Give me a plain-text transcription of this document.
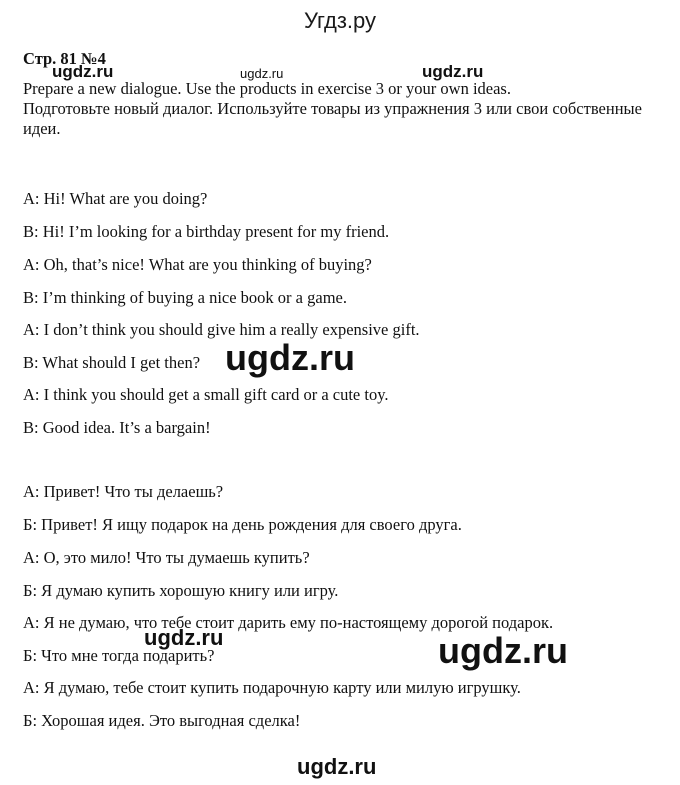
Угдз.ру
Стр. 81 №4
Prepare a new dialogue. Use the products in exercise 3 or your own ideas.
Подготовьте новый диалог. Используйте товары из упражнения 3 или свои собственные идеи.
A: Hi! What are you doing?
B: Hi! I’m looking for a birthday present for my friend.
A: Oh, that’s nice! What are you thinking of buying?
B: I’m thinking of buying a nice book or a game.
A: I don’t think you should give him a really expensive gift.
B: What should I get then?
A: I think you should get a small gift card or a cute toy.
B: Good idea. It’s a bargain!
А: Привет! Что ты делаешь?
Б: Привет! Я ищу подарок на день рождения для своего друга.
А: О, это мило! Что ты думаешь купить?
Б: Я думаю купить хорошую книгу или игру.
А: Я не думаю, что тебе стоит дарить ему по-настоящему дорогой подарок.
Б: Что мне тогда подарить?
А: Я думаю, тебе стоит купить подарочную карту или милую игрушку.
Б: Хорошая идея. Это выгодная сделка!
ugdz.ru	ugdz.ru	ugdz.ru
ugdz.ru
ugdz.ru	ugdz.ru
ugdz.ru
